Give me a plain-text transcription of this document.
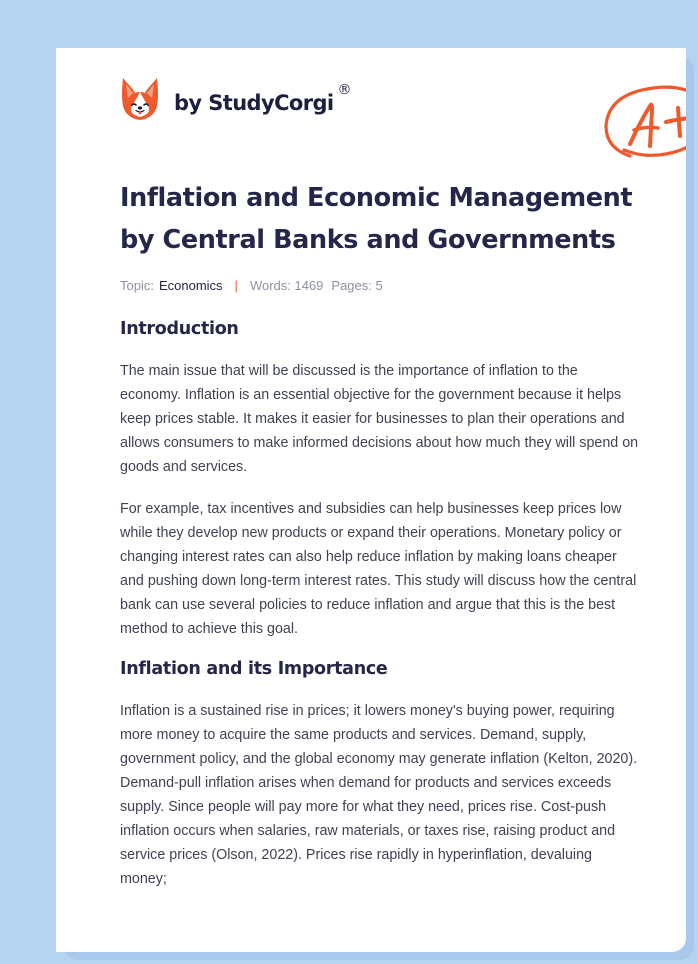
by StudyCorgi
®
Inflation and Economic Management by Central Banks and Governments
Topic: Economics | Words: 1469 Pages: 5
Introduction

The main issue that will be discussed is the importance of inflation to the economy. Inflation is an essential objective for the government because it helps keep prices stable. It makes it easier for businesses to plan their operations and allows consumers to make informed decisions about how much they will spend on goods and services.

For example, tax incentives and subsidies can help businesses keep prices low while they develop new products or expand their operations. Monetary policy or changing interest rates can also help reduce inflation by making loans cheaper and pushing down long-term interest rates. This study will discuss how the central bank can use several policies to reduce inflation and argue that this is the best method to achieve this goal.

Inflation and its Importance

Inflation is a sustained rise in prices; it lowers money's buying power, requiring more money to acquire the same products and services. Demand, supply, government policy, and the global economy may generate inflation (Kelton, 2020). Demand-pull inflation arises when demand for products and services exceeds supply. Since people will pay more for what they need, prices rise. Cost-push inflation occurs when salaries, raw materials, or taxes rise, raising product and service prices (Olson, 2022). Prices rise rapidly in hyperinflation, devaluing money;
